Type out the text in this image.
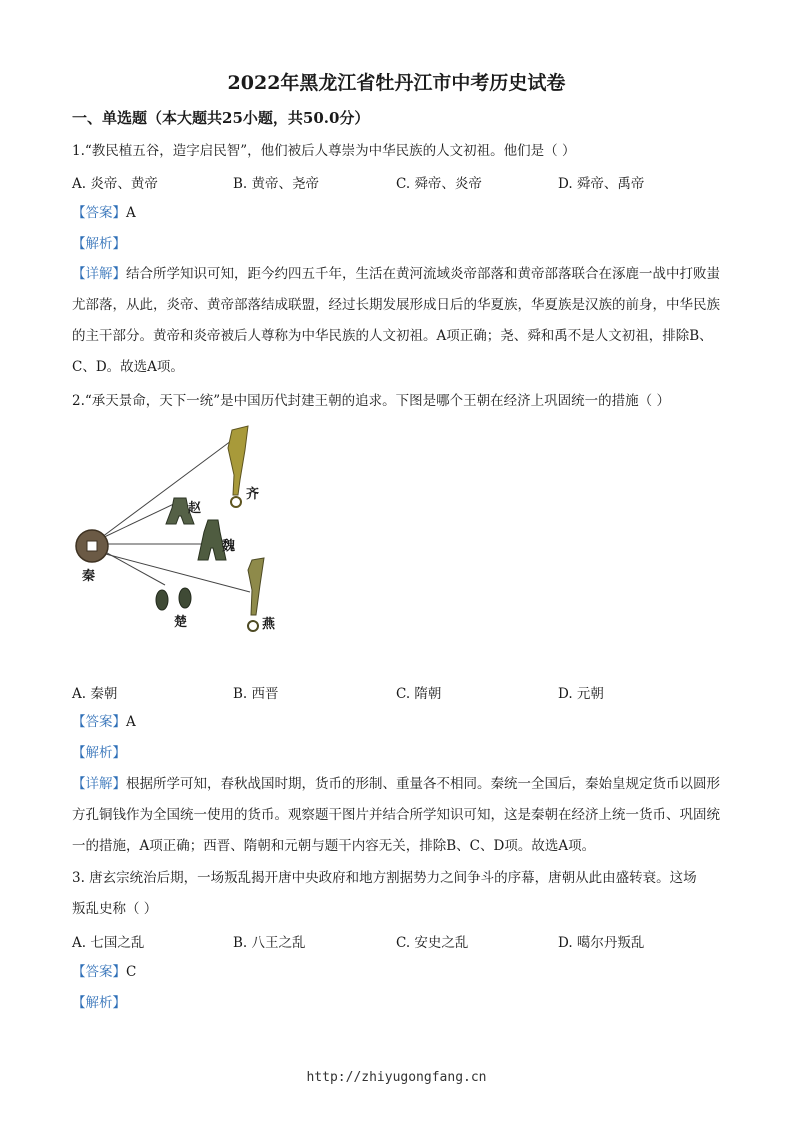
2022年黑龙江省牡丹江市中考历史试卷
一、单选题（本大题共25小题，共50.0分）
1.“教民植五谷，造字启民智”，他们被后人尊崇为中华民族的人文初祖。他们是（ ）
A. 炎帝、黄帝	B. 黄帝、尧帝	C. 舜帝、炎帝	D. 舜帝、禹帝
【答案】A
【解析】
【详解】结合所学知识可知，距今约四五千年，生活在黄河流域炎帝部落和黄帝部落联合在涿鹿一战中打败蚩尤部落，从此，炎帝、黄帝部落结成联盟，经过长期发展形成日后的华夏族，华夏族是汉族的前身，中华民族的主干部分。黄帝和炎帝被后人尊称为中华民族的人文初祖。A项正确；尧、舜和禹不是人文初祖，排除B、C、D。故选A项。
2.“承天景命，天下一统”是中国历代封建王朝的追求。下图是哪个王朝在经济上巩固统一的措施（ ）
秦
赵
齐
魏
楚	燕
A. 秦朝	B. 西晋	C. 隋朝	D. 元朝
【答案】A
【解析】
【详解】根据所学可知，春秋战国时期，货币的形制、重量各不相同。秦统一全国后，秦始皇规定货币以圆形方孔铜钱作为全国统一使用的货币。观察题干图片并结合所学知识可知，这是秦朝在经济上统一货币、巩固统一的措施，A项正确；西晋、隋朝和元朝与题干内容无关，排除B、C、D项。故选A项。
3. 唐玄宗统治后期，一场叛乱揭开唐中央政府和地方割据势力之间争斗的序幕，唐朝从此由盛转衰。这场
叛乱史称（ ）
A. 七国之乱	B. 八王之乱	C. 安史之乱	D. 噶尔丹叛乱
【答案】C
【解析】
http://zhiyugongfang.cn
